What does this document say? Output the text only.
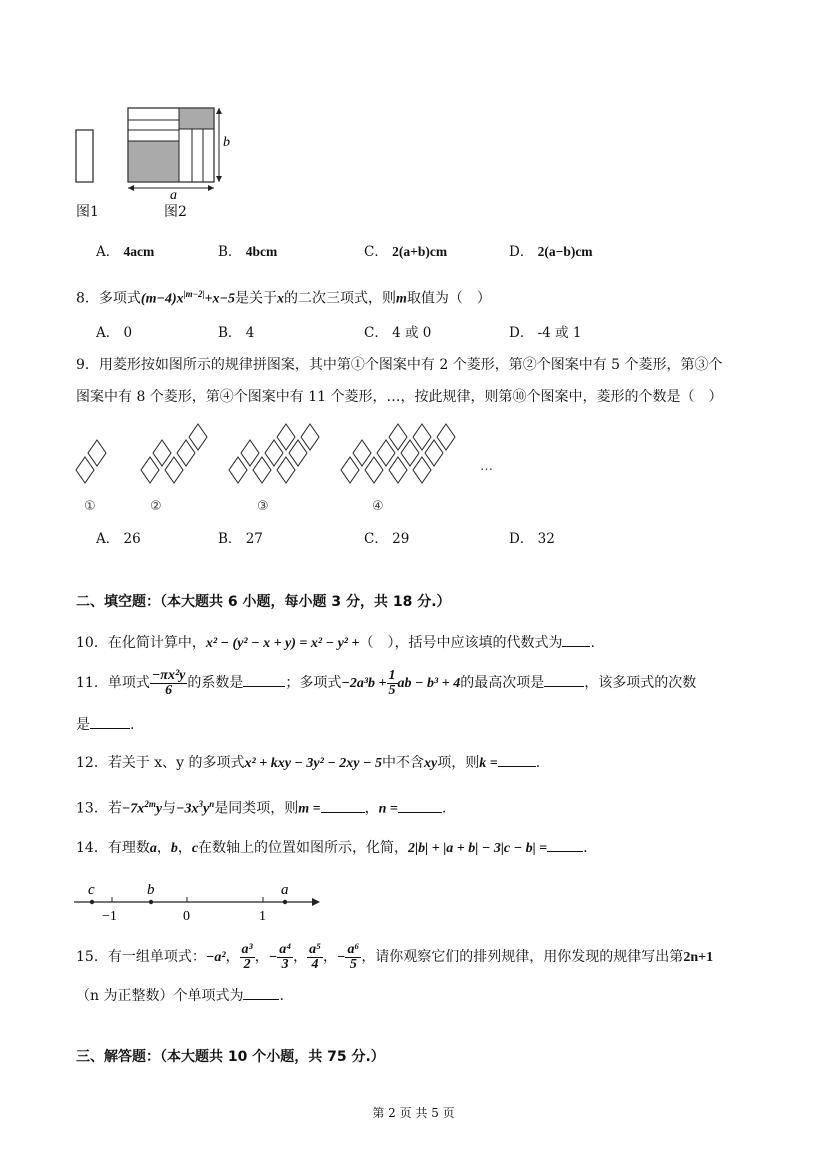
b
a
图1	图2
A． 4acm	B． 4bcm	C． 2(a+b)cm	D． 2(a−b)cm
8．多项式$(m-4)x^{|m-2|}+x-5$是关于x的二次三项式，则m取值为（　）
A． 0	B． 4	C． 4 或 0	D． -4 或 1
9．用菱形按如图所示的规律拼图案，其中第①个图案中有 2 个菱形，第②个图案中有 5 个菱形，第③个
图案中有 8 个菱形，第④个图案中有 11 个菱形，…，按此规律，则第⑩个图案中，菱形的个数是（　）
①	②	③	④
…
A． 26	B． 27	C． 29	D． 32
二、填空题：（本大题共 6 小题，每小题 3 分，共 18 分.）
10．在化简计算中，x² − (y² − x + y) = x² − y² +（　），括号中应该填的代数式为 .
11．单项式 $\frac{\text{−πx²y}}{6}$ 的系数是	；多项式$-2a^3b + \frac{1}{5}$ ab − b³ + 4的最高次项是	，该多项式的次数
是	.
12．若关于 x、y 的多项式x² + kxy − 3y² − 2xy − 5中不含xy项，则k =	.
13．若$-7x^{2m}y$与$-3x^3y^n$是同类项，则m =	，n =	.
14．有理数a，b，c在数轴上的位置如图所示，化简，2|b| + |a + b| − 3|c − b| =	.
c	b	a
−1	0	1
15．有一组单项式：−a²， $\frac{\text{a³}}{2}$ ，− $\frac{\text{a⁴}}{3}$ ， $\frac{\text{a⁵}}{4}$ ，− $\frac{\text{a⁶}}{5}$ ，请你观察它们的排列规律，用你发现的规律写出第2n+1
（n 为正整数）个单项式为	.
三、解答题：（本大题共 10 个小题，共 75 分.）
第 2 页 共 5 页
